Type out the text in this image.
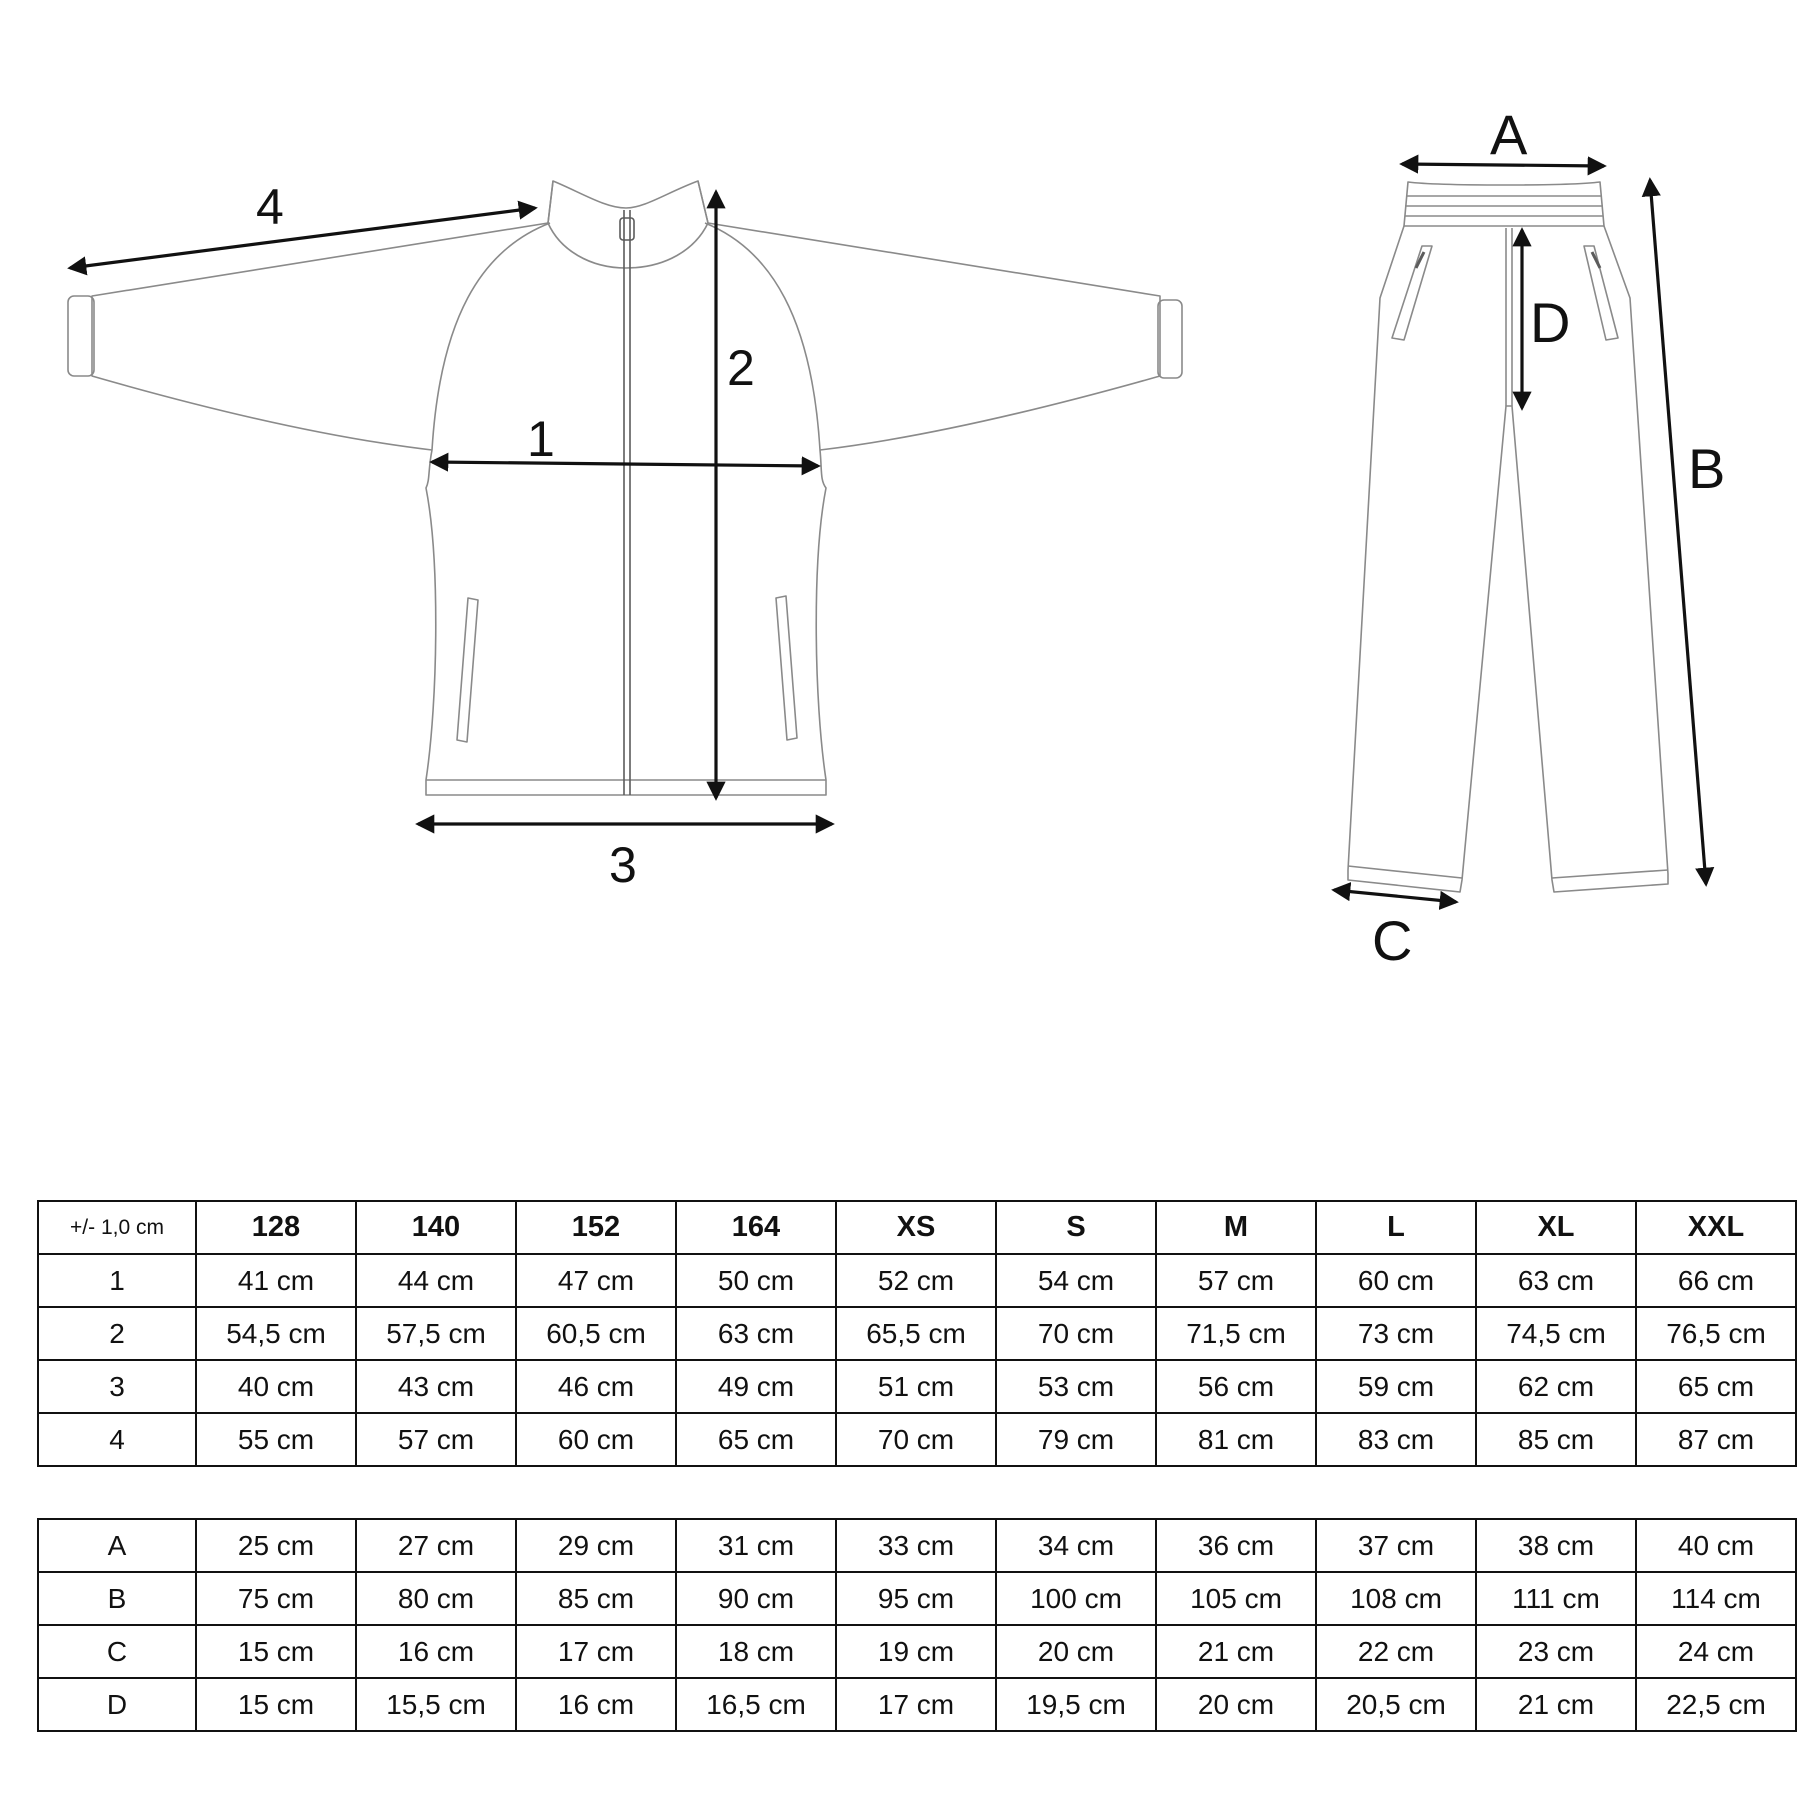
4
2
1
3
A
D
B
C
+/- 1,0 cm	128	140	152	164	XS	S	M	L	XL	XXL
1	41 cm	44 cm	47 cm	50 cm	52 cm	54 cm	57 cm	60 cm	63 cm	66 cm
2	54,5 cm	57,5 cm	60,5 cm	63 cm	65,5 cm	70 cm	71,5 cm	73 cm	74,5 cm	76,5 cm
3	40 cm	43 cm	46 cm	49 cm	51 cm	53 cm	56 cm	59 cm	62 cm	65 cm
4	55 cm	57 cm	60 cm	65 cm	70 cm	79 cm	81 cm	83 cm	85 cm	87 cm
A	25 cm	27 cm	29 cm	31 cm	33 cm	34 cm	36 cm	37 cm	38 cm	40 cm
B	75 cm	80 cm	85 cm	90 cm	95 cm	100 cm	105 cm	108 cm	111 cm	114 cm
C	15 cm	16 cm	17 cm	18 cm	19 cm	20 cm	21 cm	22 cm	23 cm	24 cm
D	15 cm	15,5 cm	16 cm	16,5 cm	17 cm	19,5 cm	20 cm	20,5 cm	21 cm	22,5 cm
